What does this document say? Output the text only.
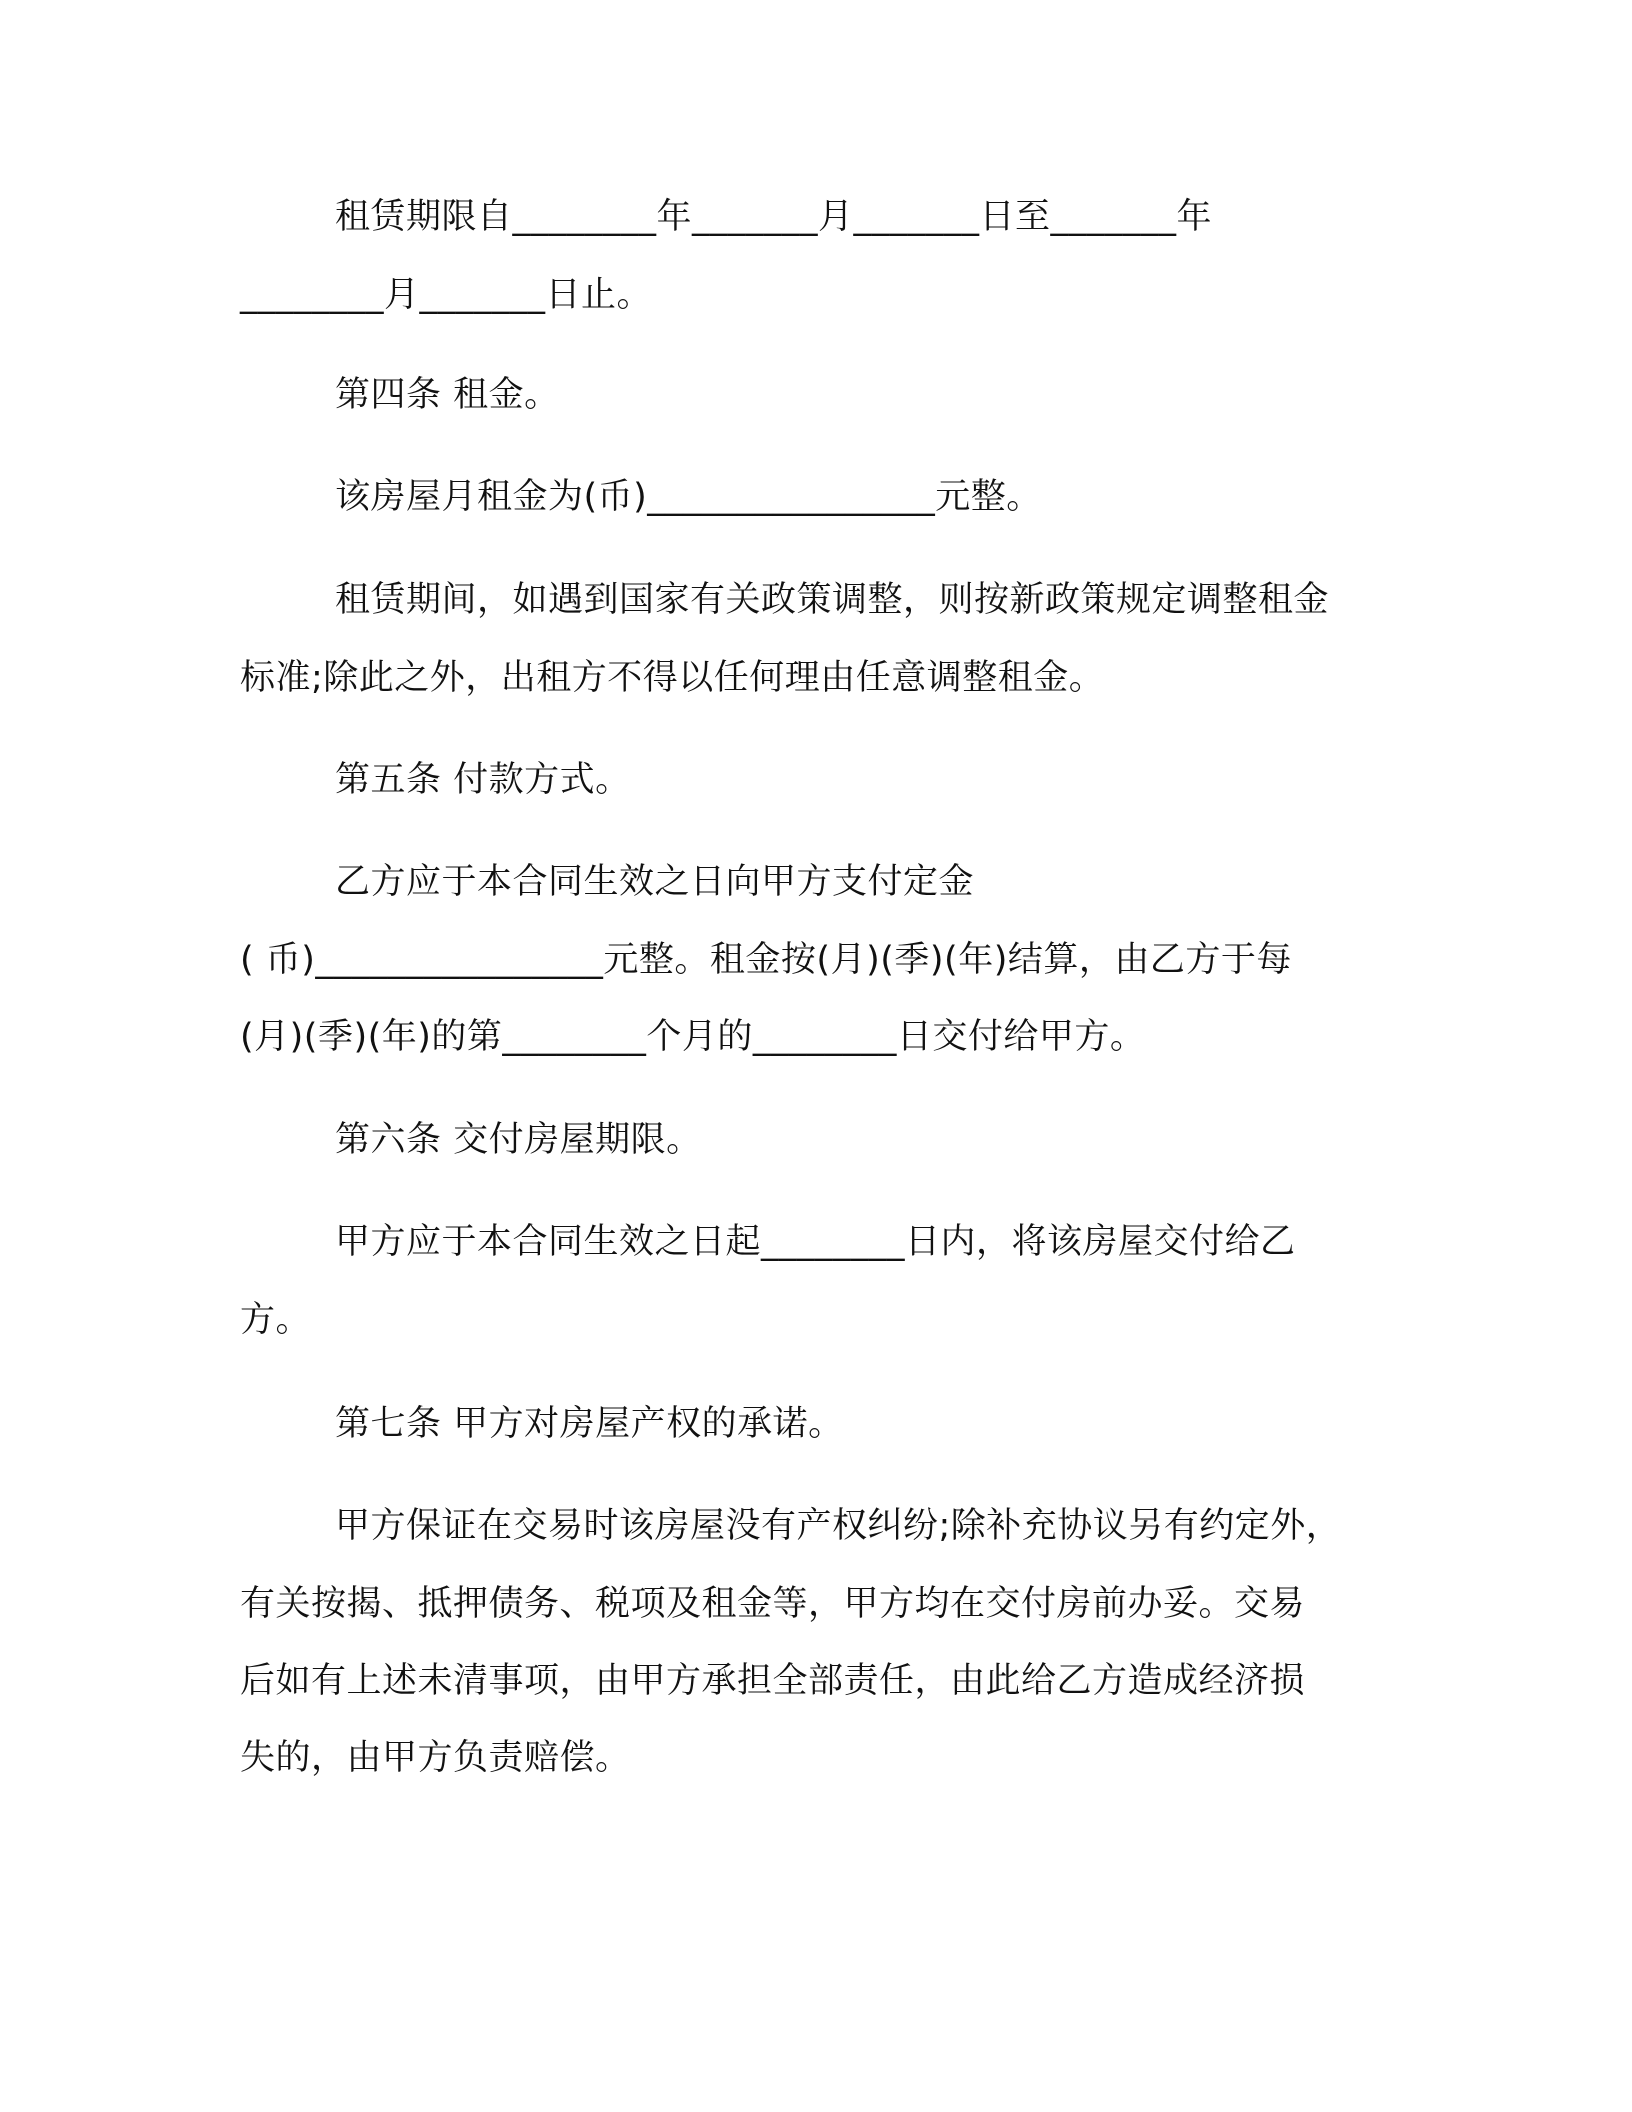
租赁期限自________年_______月_______日至_______年
________月_______日止。
第四条 租金。
该房屋月租金为(币)________________元整。
租赁期间，如遇到国家有关政策调整，则按新政策规定调整租金
标准;除此之外，出租方不得以任何理由任意调整租金。
第五条 付款方式。
乙方应于本合同生效之日向甲方支付定金
( 币)________________元整。租金按(月)(季)(年)结算，由乙方于每
(月)(季)(年)的第________个月的________日交付给甲方。
第六条 交付房屋期限。
甲方应于本合同生效之日起________日内，将该房屋交付给乙
方。
第七条 甲方对房屋产权的承诺。
甲方保证在交易时该房屋没有产权纠纷;除补充协议另有约定外，
有关按揭、抵押债务、税项及租金等，甲方均在交付房前办妥。交易
后如有上述未清事项，由甲方承担全部责任，由此给乙方造成经济损
失的，由甲方负责赔偿。
